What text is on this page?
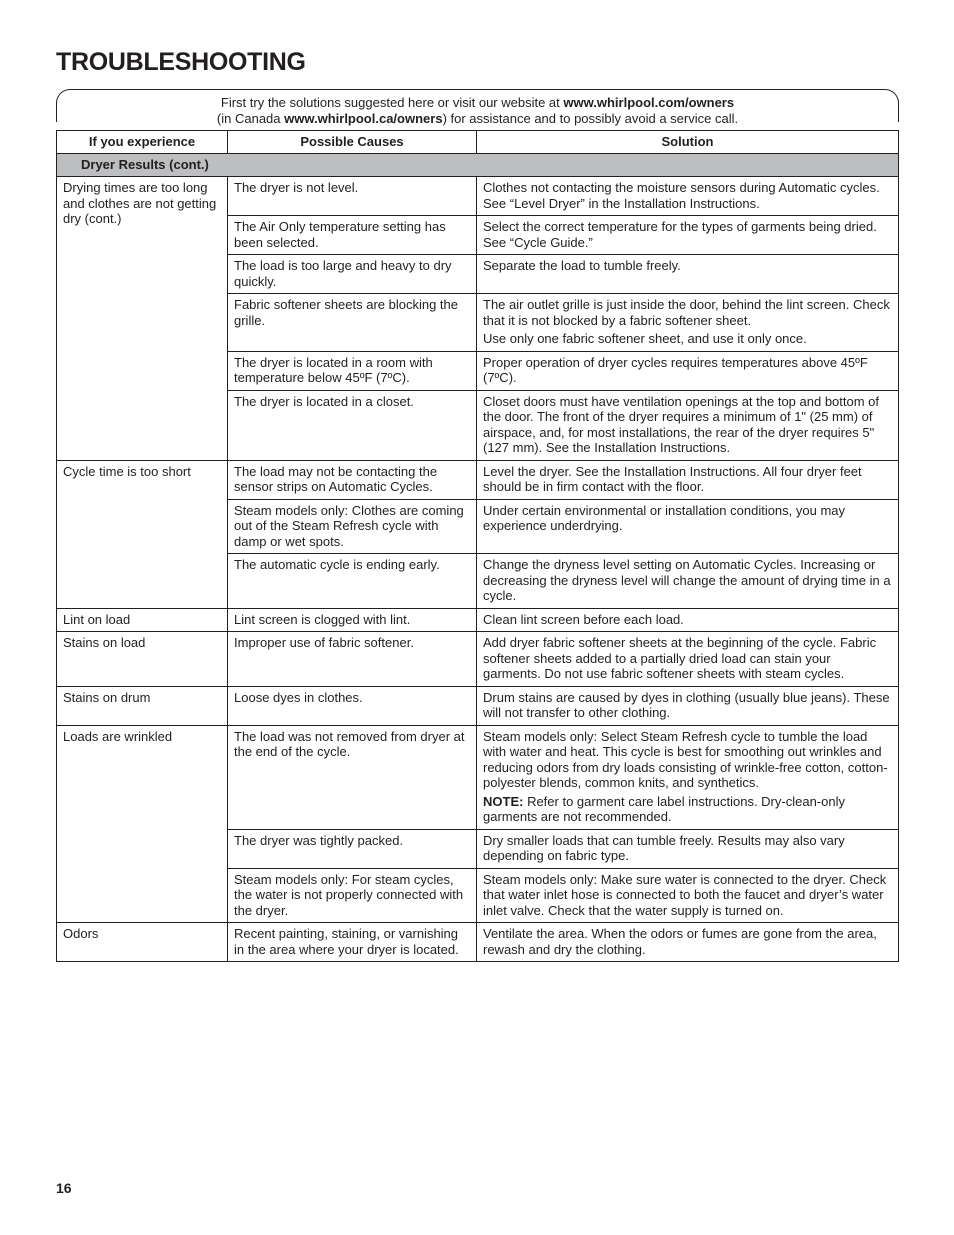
TROUBLESHOOTING
First try the solutions suggested here or visit our website at www.whirlpool.com/owners
(in Canada www.whirlpool.ca/owners) for assistance and to possibly avoid a service call.
If you experience	Possible Causes	Solution
Dryer Results (cont.)		
Drying times are too long and clothes are not getting dry (cont.)	The dryer is not level.	Clothes not contacting the moisture sensors during Automatic cycles. See “Level Dryer” in the Installation Instructions.

	The Air Only temperature setting has been selected.	Select the correct temperature for the types of garments being dried. See “Cycle Guide.”

	The load is too large and heavy to dry quickly.	Separate the load to tumble freely.

	Fabric softener sheets are blocking the grille.	The air outlet grille is just inside the door, behind the lint screen. Check that it is not blocked by a fabric softener sheet.

Use only one fabric softener sheet, and use it only once.

	The dryer is located in a room with temperature below 45ºF (7ºC).	Proper operation of dryer cycles requires temperatures above 45ºF (7ºC).

	The dryer is located in a closet.	Closet doors must have ventilation openings at the top and bottom of the door. The front of the dryer requires a minimum of 1" (25 mm) of airspace, and, for most installations, the rear of the dryer requires 5" (127 mm). See the Installation Instructions.

Cycle time is too short	The load may not be contacting the sensor strips on Automatic Cycles.	Level the dryer. See the Installation Instructions. All four dryer feet should be in firm contact with the floor.

	Steam models only: Clothes are coming out of the Steam Refresh cycle with damp or wet spots.	Under certain environmental or installation conditions, you may experience underdrying.

	The automatic cycle is ending early.	Change the dryness level setting on Automatic Cycles. Increasing or decreasing the dryness level will change the amount of drying time in a cycle.

Lint on load	Lint screen is clogged with lint.	Clean lint screen before each load.

Stains on load	Improper use of fabric softener.	Add dryer fabric softener sheets at the beginning of the cycle. Fabric softener sheets added to a partially dried load can stain your garments. Do not use fabric softener sheets with steam cycles.

Stains on drum	Loose dyes in clothes.	Drum stains are caused by dyes in clothing (usually blue jeans). These will not transfer to other clothing.

Loads are wrinkled	The load was not removed from dryer at the end of the cycle.	Steam models only: Select Steam Refresh cycle to tumble the load with water and heat. This cycle is best for smoothing out wrinkles and reducing odors from dry loads consisting of wrinkle-free cotton, cotton-polyester blends, common knits, and synthetics.

NOTE: Refer to garment care label instructions. Dry-clean-only garments are not recommended.

	The dryer was tightly packed.	Dry smaller loads that can tumble freely. Results may also vary depending on fabric type.

	Steam models only: For steam cycles, the water is not properly connected with the dryer.	Steam models only: Make sure water is connected to the dryer. Check that water inlet hose is connected to both the faucet and dryer’s water inlet valve. Check that the water supply is turned on.

Odors	Recent painting, staining, or varnishing in the area where your dryer is located.	Ventilate the area. When the odors or fumes are gone from the area, rewash and dry the clothing.

16
